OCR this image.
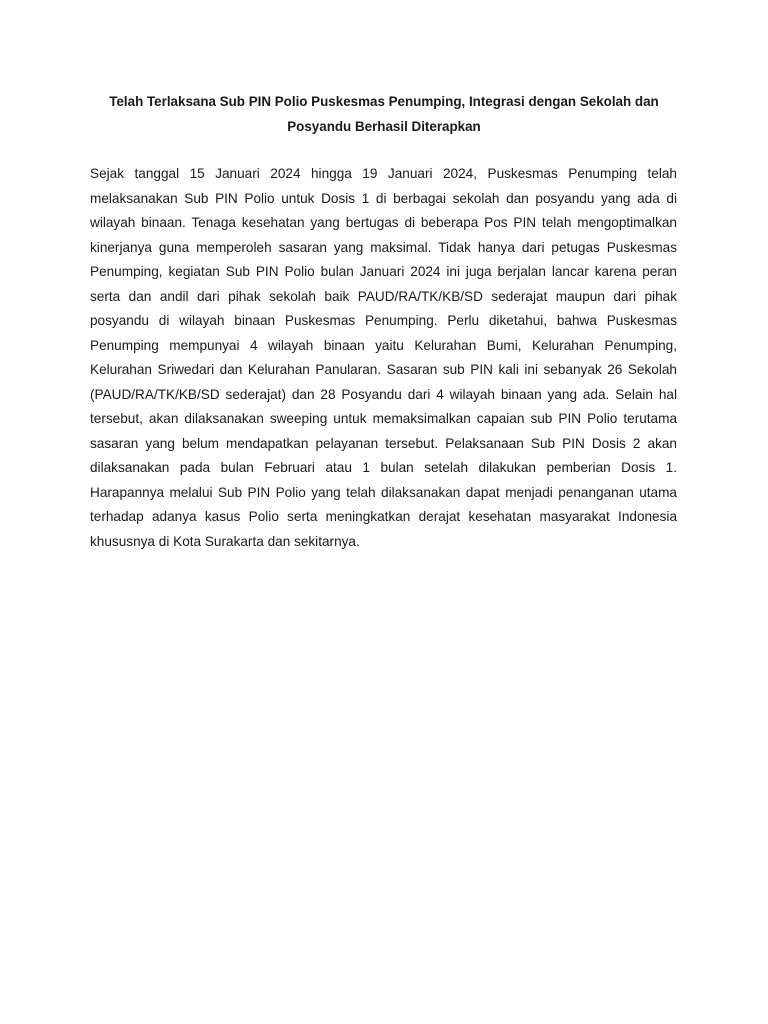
Telah Terlaksana Sub PIN Polio Puskesmas Penumping, Integrasi dengan Sekolah dan Posyandu Berhasil Diterapkan

Sejak tanggal 15 Januari 2024 hingga 19 Januari 2024, Puskesmas Penumping telah melaksanakan Sub PIN Polio untuk Dosis 1 di berbagai sekolah dan posyandu yang ada di wilayah binaan. Tenaga kesehatan yang bertugas di beberapa Pos PIN telah mengoptimalkan kinerjanya guna memperoleh sasaran yang maksimal. Tidak hanya dari petugas Puskesmas Penumping, kegiatan Sub PIN Polio bulan Januari 2024 ini juga berjalan lancar karena peran serta dan andil dari pihak sekolah baik PAUD/RA/TK/KB/SD sederajat maupun dari pihak posyandu di wilayah binaan Puskesmas Penumping. Perlu diketahui, bahwa Puskesmas Penumping mempunyai 4 wilayah binaan yaitu Kelurahan Bumi, Kelurahan Penumping, Kelurahan Sriwedari dan Kelurahan Panularan. Sasaran sub PIN kali ini sebanyak 26 Sekolah (PAUD/RA/TK/KB/SD sederajat) dan 28 Posyandu dari 4 wilayah binaan yang ada. Selain hal tersebut, akan dilaksanakan sweeping untuk memaksimalkan capaian sub PIN Polio terutama sasaran yang belum mendapatkan pelayanan tersebut. Pelaksanaan Sub PIN Dosis 2 akan dilaksanakan pada bulan Februari atau 1 bulan setelah dilakukan pemberian Dosis 1. Harapannya melalui Sub PIN Polio yang telah dilaksanakan dapat menjadi penanganan utama terhadap adanya kasus Polio serta meningkatkan derajat kesehatan masyarakat Indonesia khususnya di Kota Surakarta dan sekitarnya.
